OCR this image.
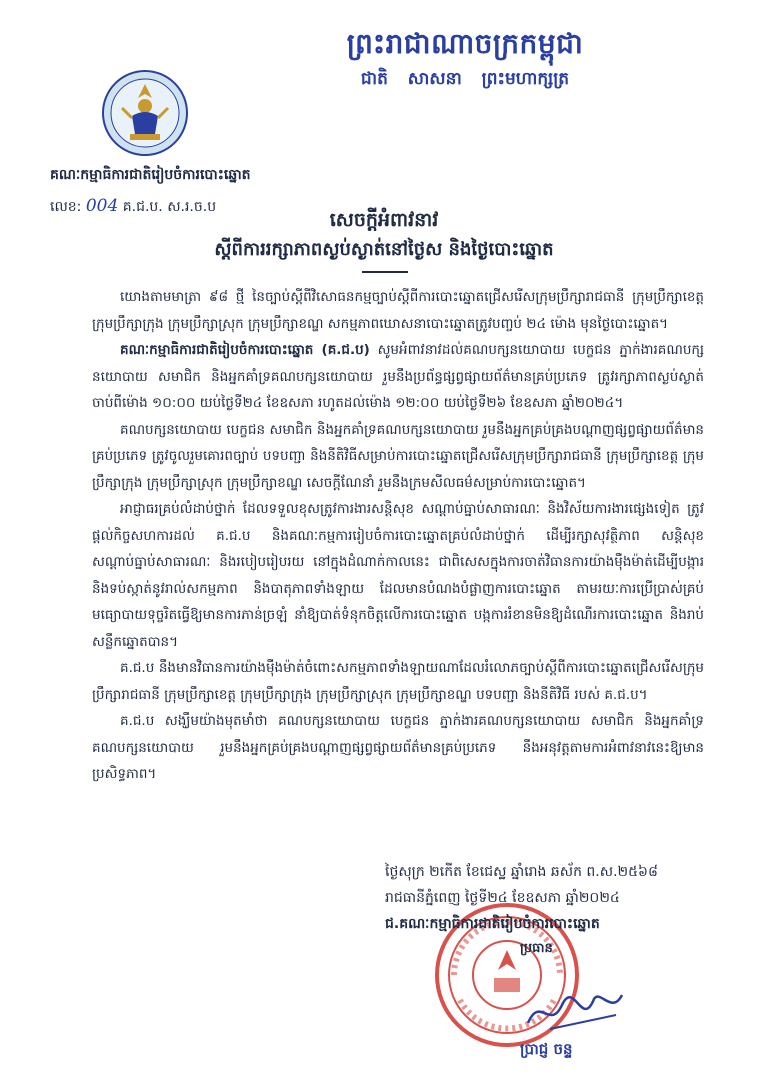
ព្រះរាជាណាចក្រកម្ពុជា
ជាតិ សាសនា ព្រះមហាក្សត្រ
គណៈកម្មាធិការជាតិរៀបចំការបោះឆ្នោត
លេខ: 004 គ.ជ.ប. ស.រ.ច.ប
សេចក្តីអំពាវនាវ
ស្តីពីការរក្សាភាពស្ងប់ស្ងាត់នៅថ្ងៃស និងថ្ងៃបោះឆ្នោត

យោងតាមមាត្រា ៩៨ ថ្មី នៃច្បាប់ស្តីពីវិសោធនកម្មច្បាប់ស្តីពីការបោះឆ្នោតជ្រើសរើសក្រុមប្រឹក្សារាជធានី ក្រុមប្រឹក្សាខេត្ត ក្រុមប្រឹក្សាក្រុង ក្រុមប្រឹក្សាស្រុក ក្រុមប្រឹក្សាខណ្ឌ សកម្មភាពឃោសនាបោះឆ្នោតត្រូវបញ្ចប់ ២៤ ម៉ោង មុនថ្ងៃបោះឆ្នោត។

គណៈកម្មាធិការជាតិរៀបចំការបោះឆ្នោត (គ.ជ.ប) សូមអំពាវនាវដល់គណបក្សនយោបាយ បេក្ខជន ភ្នាក់ងារគណបក្សនយោបាយ សមាជិក និងអ្នកគាំទ្រគណបក្សនយោបាយ រួមនឹងប្រព័ន្ធផ្សព្វផ្សាយព័ត៌មានគ្រប់ប្រភេទ ត្រូវរក្សាភាពស្ងប់ស្ងាត់ ចាប់ពីម៉ោង ១០:០០ យប់ថ្ងៃទី២៤ ខែឧសភា រហូតដល់ម៉ោង ១២:០០ យប់ថ្ងៃទី២៦ ខែឧសភា ឆ្នាំ២០២៤។

គណបក្សនយោបាយ បេក្ខជន សមាជិក និងអ្នកគាំទ្រគណបក្សនយោបាយ រួមនឹងអ្នកគ្រប់គ្រងបណ្តាញផ្សព្វផ្សាយព័ត៌មានគ្រប់ប្រភេទ ត្រូវចូលរួមគោរពច្បាប់ បទបញ្ជា និងនីតិវិធីសម្រាប់ការបោះឆ្នោតជ្រើសរើសក្រុមប្រឹក្សារាជធានី ក្រុមប្រឹក្សាខេត្ត ក្រុមប្រឹក្សាក្រុង ក្រុមប្រឹក្សាស្រុក ក្រុមប្រឹក្សាខណ្ឌ សេចក្តីណែនាំ រួមនឹងក្រមសីលធម៌សម្រាប់ការបោះឆ្នោត។

អាជ្ញាធរគ្រប់លំដាប់ថ្នាក់ ដែលទទួលខុសត្រូវការងារសន្តិសុខ សណ្តាប់ធ្នាប់សាធារណៈ និងវិស័យការងារផ្សេងទៀត ត្រូវផ្តល់កិច្ចសហការដល់ គ.ជ.ប និងគណៈកម្មការរៀបចំការបោះឆ្នោតគ្រប់លំដាប់ថ្នាក់ ដើម្បីរក្សាសុវត្ថិភាព សន្តិសុខ សណ្តាប់ធ្នាប់សាធារណៈ និងរបៀបរៀបរយ នៅក្នុងដំណាក់កាលនេះ ជាពិសេសក្នុងការចាត់វិធានការយ៉ាងម៉ឺងម៉ាត់ដើម្បីបង្ការ និងទប់ស្កាត់នូវរាល់សកម្មភាព និងបាតុភាពទាំងឡាយ ដែលមានបំណងបំផ្លាញការបោះឆ្នោត តាមរយៈការប្រើប្រាស់គ្រប់មធ្យោបាយទុច្ចរិតធ្វើឱ្យមានការភាន់ច្រឡំ នាំឱ្យបាត់ទំនុកចិត្តលើការបោះឆ្នោត បង្កការរំខានមិនឱ្យដំណើរការបោះឆ្នោត និងរាប់សន្លឹកឆ្នោតបាន។

គ.ជ.ប នឹងមានវិធានការយ៉ាងម៉ឺងម៉ាត់ចំពោះសកម្មភាពទាំងឡាយណាដែលរំលោភច្បាប់ស្តីពីការបោះឆ្នោតជ្រើសរើសក្រុមប្រឹក្សារាជធានី ក្រុមប្រឹក្សាខេត្ត ក្រុមប្រឹក្សាក្រុង ក្រុមប្រឹក្សាស្រុក ក្រុមប្រឹក្សាខណ្ឌ បទបញ្ជា និងនីតិវិធី របស់ គ.ជ.ប។

គ.ជ.ប សង្ឃឹមយ៉ាងមុតមាំថា គណបក្សនយោបាយ បេក្ខជន ភ្នាក់ងារគណបក្សនយោបាយ សមាជិក និងអ្នកគាំទ្រគណបក្សនយោបាយ រួមនឹងអ្នកគ្រប់គ្រងបណ្តាញផ្សព្វផ្សាយព័ត៌មានគ្រប់ប្រភេទ នឹងអនុវត្តតាមការអំពាវនាវនេះឱ្យមានប្រសិទ្ធភាព។

ថ្ងៃសុក្រ ២កើត ខែជេស្ឋ ឆ្នាំរោង ឆស័ក ព.ស.២៥៦៨
រាជធានីភ្នំពេញ ថ្ងៃទី២៤ ខែឧសភា ឆ្នាំ២០២៤
ជ.គណៈកម្មាធិការជាតិរៀបចំការបោះឆ្នោត
ប្រធាន
ប្រាជ្ញ ចន្ទ
